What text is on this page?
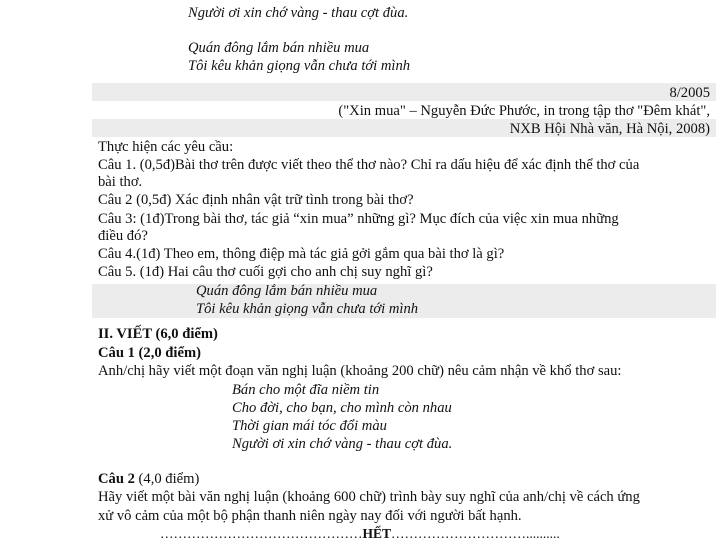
Người ơi xin chớ vàng - thau cợt đùa.
Quán đông lắm bán nhiều mua
Tôi kêu khản giọng vẫn chưa tới mình
8/2005
("Xin mua" – Nguyễn Đức Phước, in trong tập thơ "Đêm khát",
NXB Hội Nhà văn, Hà Nội, 2008)
Thực hiện các yêu cầu:
Câu 1. (0,5đ)Bài thơ trên được viết theo thể thơ nào? Chỉ ra dấu hiệu để xác định thể thơ của
bài thơ.
Câu 2 (0,5đ) Xác định nhân vật trữ tình trong bài thơ?
Câu 3: (1đ)Trong bài thơ, tác giả “xin mua” những gì? Mục đích của việc xin mua những
điều đó?
Câu 4.(1đ) Theo em, thông điệp mà tác giả gởi gắm qua bài thơ là gì?
Câu 5. (1đ) Hai câu thơ cuối gợi cho anh chị suy nghĩ gì?
Quán đông lắm bán nhiều mua
Tôi kêu khản giọng vẫn chưa tới mình
II. VIẾT (6,0 điểm)
Câu 1 (2,0 điểm)
Anh/chị hãy viết một đoạn văn nghị luận (khoảng 200 chữ) nêu cảm nhận về khổ thơ sau:
Bán cho một đĩa niềm tin
Cho đời, cho bạn, cho mình còn nhau
Thời gian mái tóc đổi màu
Người ơi xin chớ vàng - thau cợt đùa.
Câu 2 (4,0 điểm)
Hãy viết một bài văn nghị luận (khoảng 600 chữ) trình bày suy nghĩ của anh/chị về cách ứng
xử vô cảm của một bộ phận thanh niên ngày nay đối với người bất hạnh.
………………………………………HẾT…………………………..........
